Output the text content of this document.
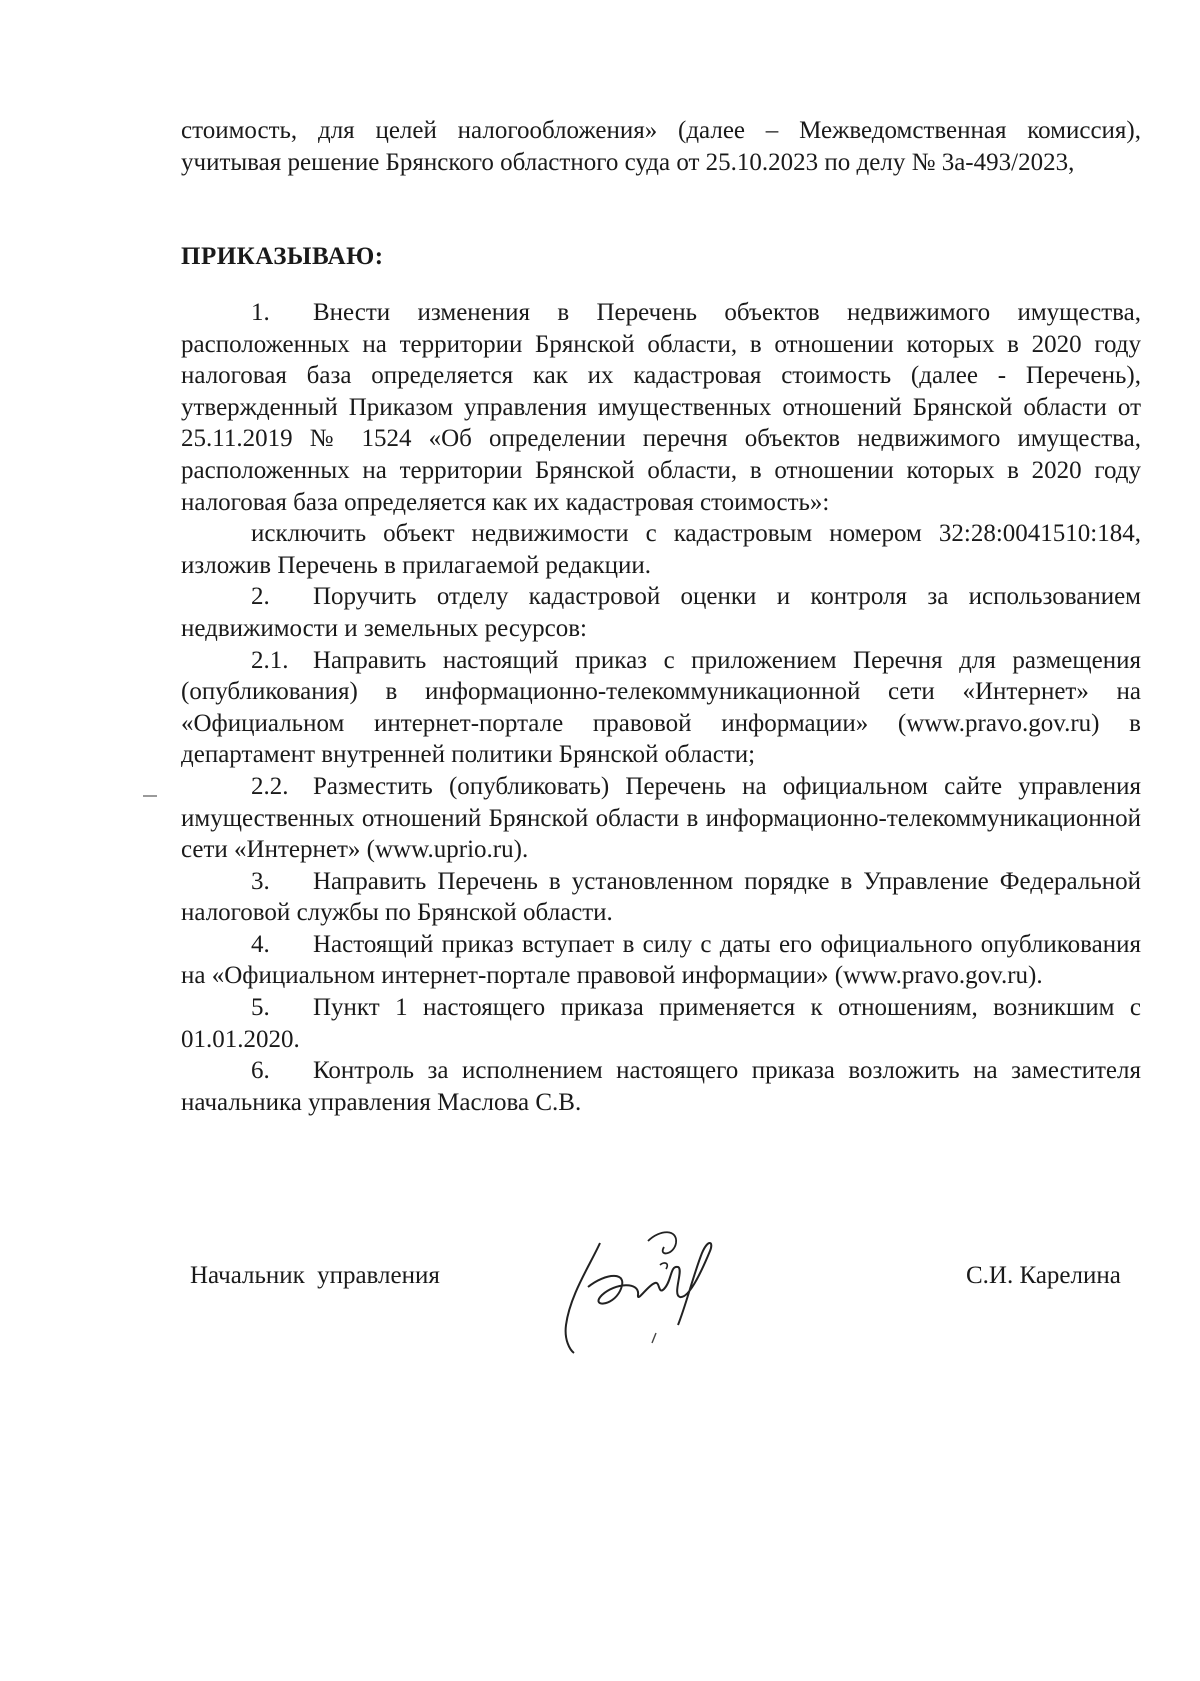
стоимость, для целей налогообложения» (далее – Межведомственная комиссия), учитывая решение Брянского областного суда от 25.10.2023 по делу № 3а-493/2023,

ПРИКАЗЫВАЮ:

1. Внести изменения в Перечень объектов недвижимого имущества, расположенных на территории Брянской области, в отношении которых в 2020 году налоговая база определяется как их кадастровая стоимость (далее - Перечень), утвержденный Приказом управления имущественных отношений Брянской области от 25.11.2019 № 1524 «Об определении перечня объектов недвижимого имущества, расположенных на территории Брянской области, в отношении которых в 2020 году налоговая база определяется как их кадастровая стоимость»:

исключить объект недвижимости с кадастровым номером 32:28:0041510:184, изложив Перечень в прилагаемой редакции.

2. Поручить отделу кадастровой оценки и контроля за использованием недвижимости и земельных ресурсов:

2.1. Направить настоящий приказ с приложением Перечня для размещения (опубликования) в информационно-телекоммуникационной сети «Интернет» на «Официальном интернет-портале правовой информации» (www.pravo.gov.ru) в департамент внутренней политики Брянской области;

2.2. Разместить (опубликовать) Перечень на официальном сайте управления имущественных отношений Брянской области в информационно-телекоммуникационной сети «Интернет» (www.uprio.ru).

3. Направить Перечень в установленном порядке в Управление Федеральной налоговой службы по Брянской области.

4. Настоящий приказ вступает в силу с даты его официального опубликования на «Официальном интернет-портале правовой информации» (www.pravo.gov.ru).

5. Пункт 1 настоящего приказа применяется к отношениям, возникшим с 01.01.2020.

6. Контроль за исполнением настоящего приказа возложить на заместителя начальника управления Маслова С.В.

Начальник управления	С.И. Карелина
